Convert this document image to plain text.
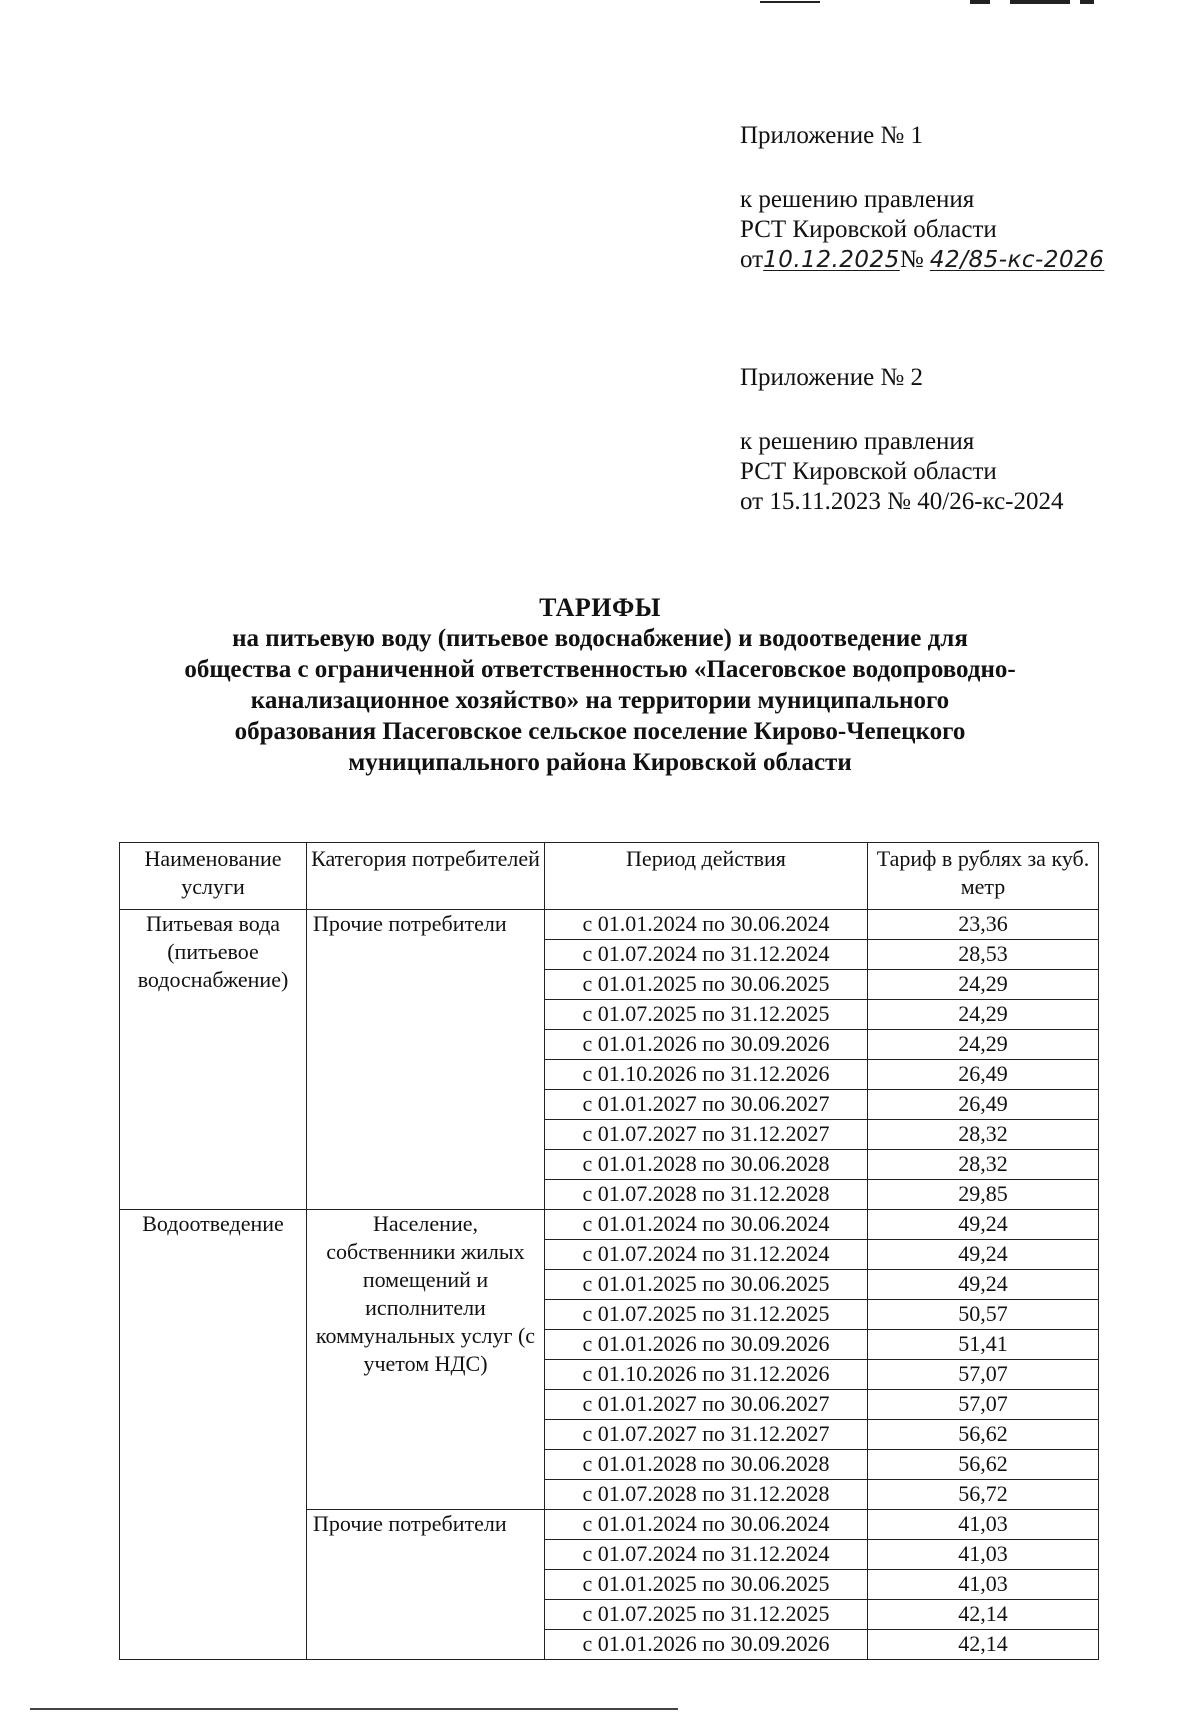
Приложение № 1
к решению правления
РСТ Кировской области
от10.12.2025№ 42/85-кс-2026
Приложение № 2
к решению правления
РСТ Кировской области
от 15.11.2023 № 40/26-кс-2024
ТАРИФЫ
на питьевую воду (питьевое водоснабжение) и водоотведение для
общества с ограниченной ответственностью «Пасеговское водопроводно-
канализационное хозяйство» на территории муниципального
образования Пасеговское сельское поселение Кирово-Чепецкого
муниципального района Кировской области
Наименование услуги	Категория потребителей	Период действия	Тариф в рублях за куб. метр
Питьевая вода (питьевое водоснабжение)	Прочие потребители	с 01.01.2024 по 30.06.2024	23,36
		с 01.07.2024 по 31.12.2024	28,53
		с 01.01.2025 по 30.06.2025	24,29
		с 01.07.2025 по 31.12.2025	24,29
		с 01.01.2026 по 30.09.2026	24,29
		с 01.10.2026 по 31.12.2026	26,49
		с 01.01.2027 по 30.06.2027	26,49
		с 01.07.2027 по 31.12.2027	28,32
		с 01.01.2028 по 30.06.2028	28,32
		с 01.07.2028 по 31.12.2028	29,85
Водоотведение	Население, собственники жилых помещений и исполнители коммунальных услуг (с учетом НДС)	с 01.01.2024 по 30.06.2024	49,24
		с 01.07.2024 по 31.12.2024	49,24
		с 01.01.2025 по 30.06.2025	49,24
		с 01.07.2025 по 31.12.2025	50,57
		с 01.01.2026 по 30.09.2026	51,41
		с 01.10.2026 по 31.12.2026	57,07
		с 01.01.2027 по 30.06.2027	57,07
		с 01.07.2027 по 31.12.2027	56,62
		с 01.01.2028 по 30.06.2028	56,62
		с 01.07.2028 по 31.12.2028	56,72
	Прочие потребители	с 01.01.2024 по 30.06.2024	41,03
		с 01.07.2024 по 31.12.2024	41,03
		с 01.01.2025 по 30.06.2025	41,03
		с 01.07.2025 по 31.12.2025	42,14
		с 01.01.2026 по 30.09.2026	42,14
